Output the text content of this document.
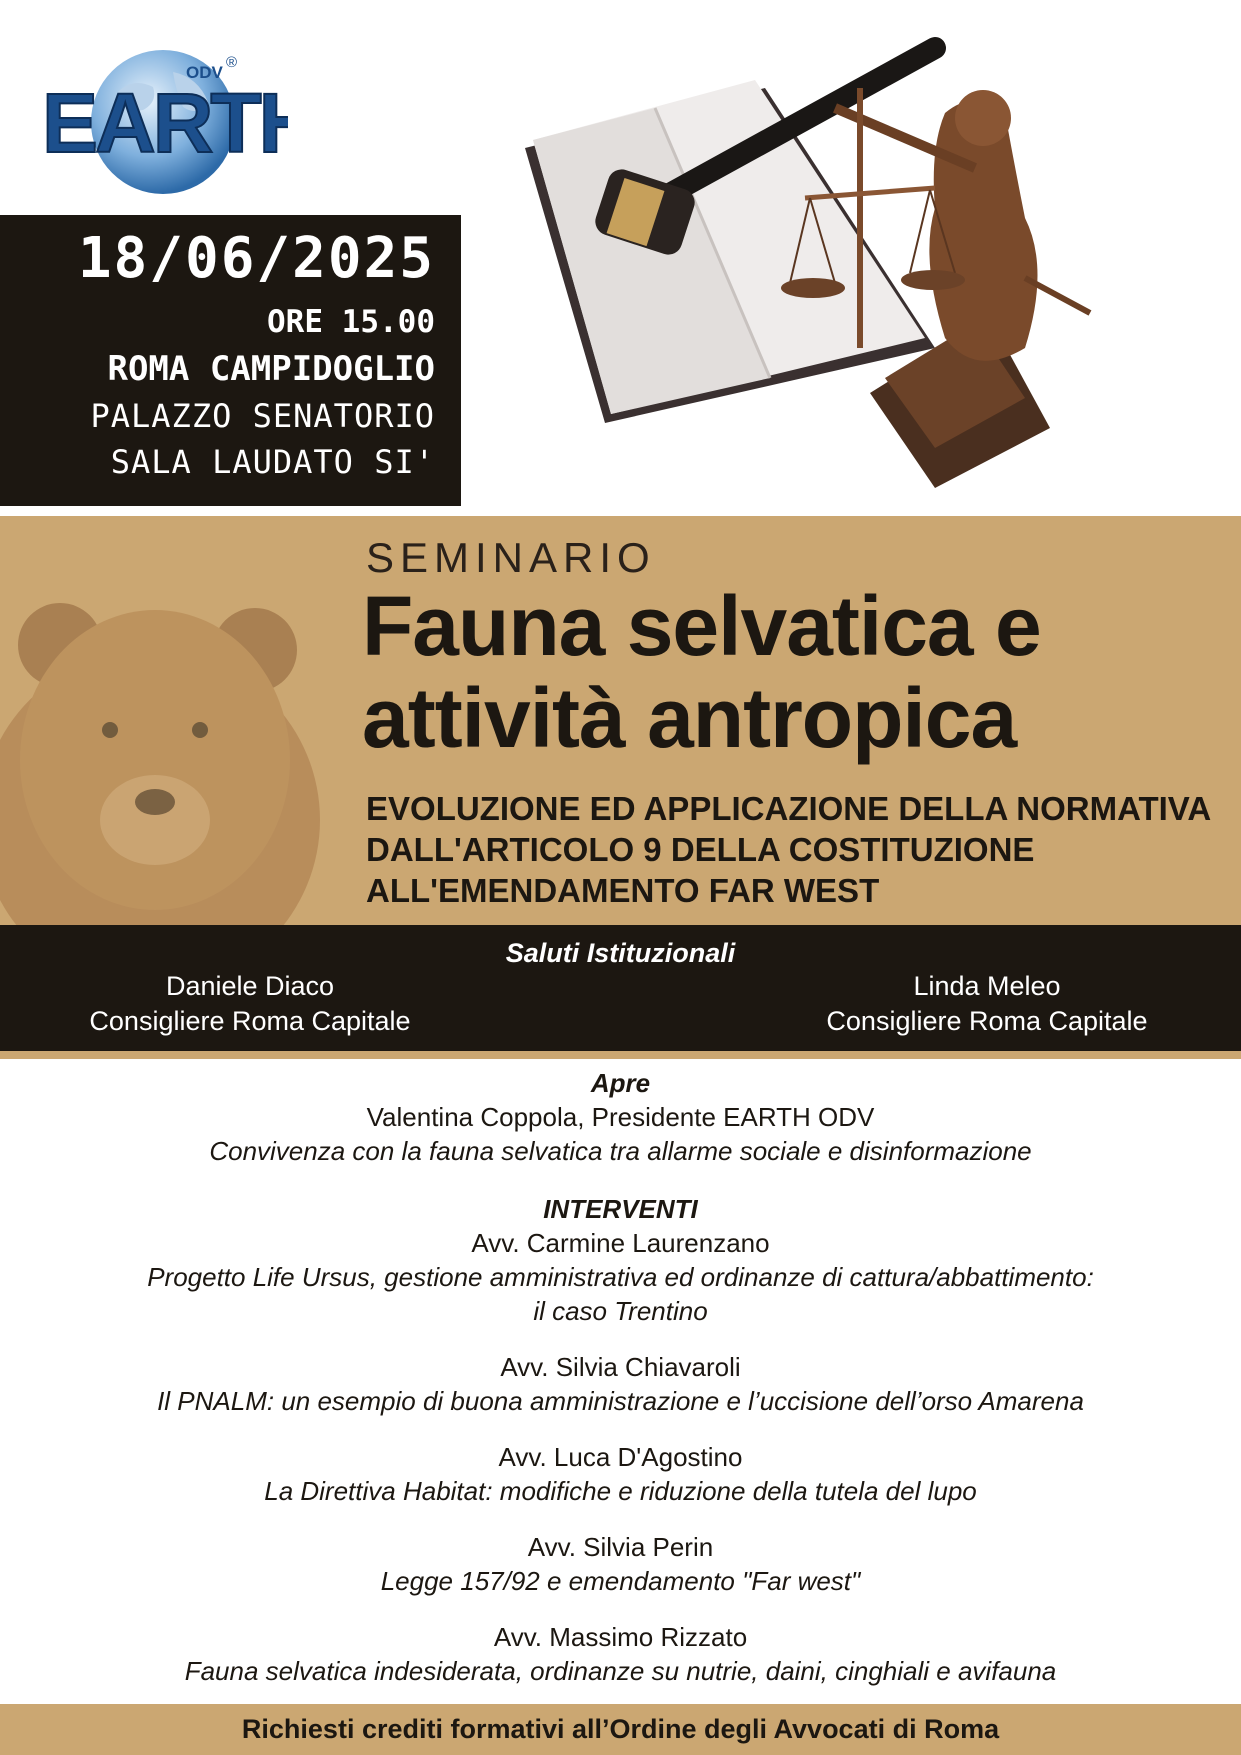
EART
ODV
®
18/06/2025
ORE 15.00
ROMA CAMPIDOGLIO
PALAZZO SENATORIO
SALA LAUDATO SI'
SEMINARIO
Fauna selvatica e
attività antropica
EVOLUZIONE ED APPLICAZIONE DELLA NORMATIVA
DALL'ARTICOLO 9 DELLA COSTITUZIONE
ALL'EMENDAMENTO FAR WEST
Saluti Istituzionali
Daniele Diaco
Consigliere Roma Capitale
Linda Meleo
Consigliere Roma Capitale
Apre
Valentina Coppola, Presidente EARTH ODV
Convivenza con la fauna selvatica tra allarme sociale e disinformazione
INTERVENTI
Avv. Carmine Laurenzano
Progetto Life Ursus, gestione amministrativa ed ordinanze di cattura/abbattimento:
il caso Trentino
Avv. Silvia Chiavaroli
Il PNALM: un esempio di buona amministrazione e l’uccisione dell’orso Amarena
Avv. Luca D'Agostino
La Direttiva Habitat: modifiche e riduzione della tutela del lupo
Avv. Silvia Perin
Legge 157/92 e emendamento "Far west"
Avv. Massimo Rizzato
Fauna selvatica indesiderata, ordinanze su nutrie, daini, cinghiali e avifauna
Richiesti crediti formativi all’Ordine degli Avvocati di Roma
